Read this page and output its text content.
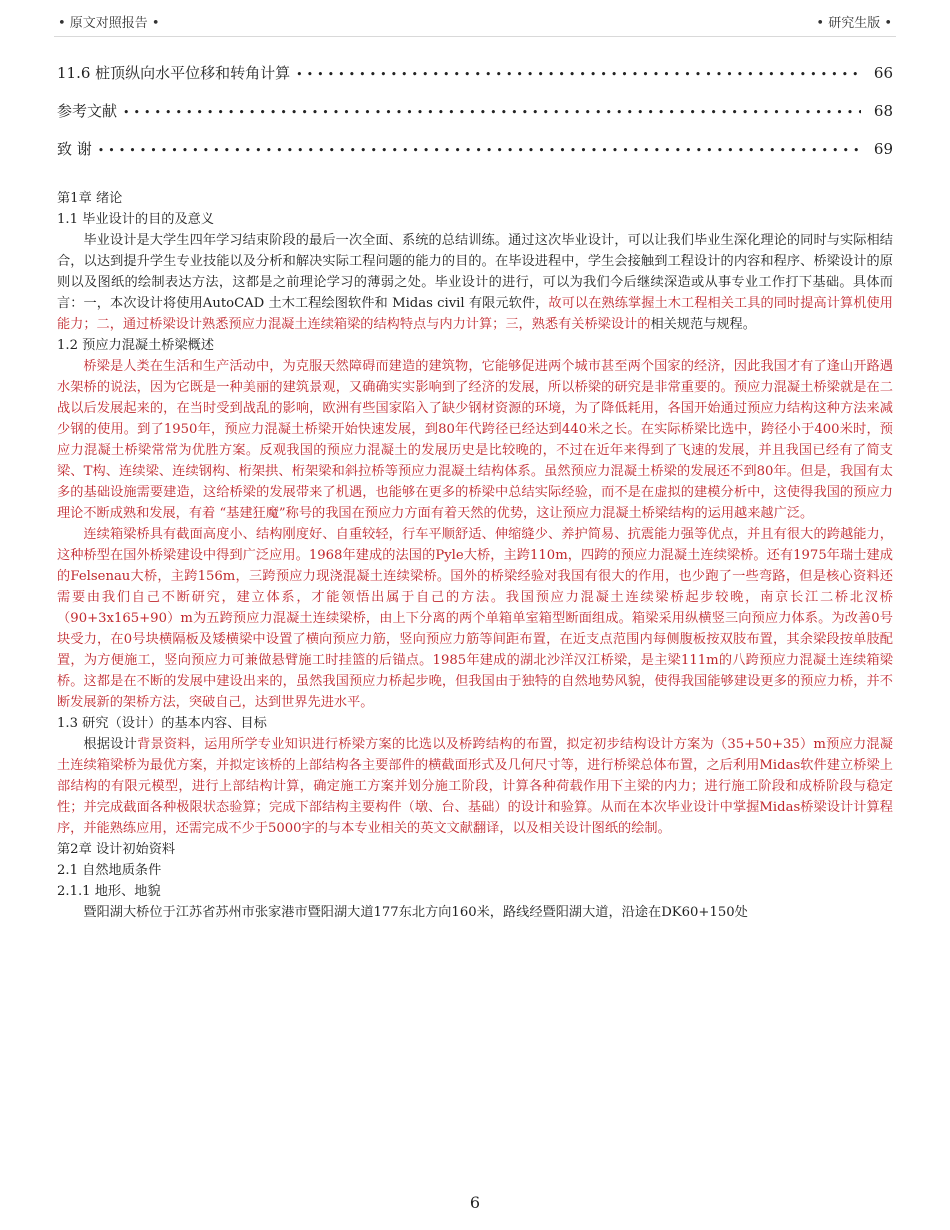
• 原文对照报告 •	• 研究生版 •
11.6 桩顶纵向水平位移和转角计算 •••••	66
参考文献 •••••	68
致 谢 •••••	69

第1章 绪论

1.1 毕业设计的目的及意义

毕业设计是大学生四年学习结束阶段的最后一次全面、系统的总结训练。通过这次毕业设计，可以让我们毕业生深化理论的同时与实际相结合，以达到提升学生专业技能以及分析和解决实际工程问题的能力的目的。在毕设进程中，学生会接触到工程设计的内容和程序、桥梁设计的原则以及图纸的绘制表达方法，这都是之前理论学习的薄弱之处。毕业设计的进行，可以为我们今后继续深造或从事专业工作打下基础。具体而言：一，本次设计将使用AutoCAD 土木工程绘图软件和 Midas civil 有限元软件，故可以在熟练掌握土木工程相关工具的同时提高计算机使用能力；二，通过桥梁设计熟悉预应力混凝土连续箱梁的结构特点与内力计算；三，熟悉有关桥梁设计的相关规范与规程。

1.2 预应力混凝土桥梁概述

桥梁是人类在生活和生产活动中，为克服天然障碍而建造的建筑物，它能够促进两个城市甚至两个国家的经济，因此我国才有了逢山开路遇水架桥的说法，因为它既是一种美丽的建筑景观，又确确实实影响到了经济的发展，所以桥梁的研究是非常重要的。预应力混凝土桥梁就是在二战以后发展起来的，在当时受到战乱的影响，欧洲有些国家陷入了缺少钢材资源的环境，为了降低耗用，各国开始通过预应力结构这种方法来减少钢的使用。到了1950年，预应力混凝土桥梁开始快速发展，到80年代跨径已经达到440米之长。在实际桥梁比选中，跨径小于400米时，预应力混凝土桥梁常常为优胜方案。反观我国的预应力混凝土的发展历史是比较晚的，不过在近年来得到了飞速的发展，并且我国已经有了简支梁、T构、连续梁、连续钢构、桁架拱、桁架梁和斜拉桥等预应力混凝土结构体系。虽然预应力混凝土桥梁的发展还不到80年。但是，我国有太多的基础设施需要建造，这给桥梁的发展带来了机遇，也能够在更多的桥梁中总结实际经验，而不是在虚拟的建模分析中，这使得我国的预应力理论不断成熟和发展，有着 “基建狂魔”称号的我国在预应力方面有着天然的优势，这让预应力混凝土桥梁结构的运用越来越广泛。

连续箱梁桥具有截面高度小、结构刚度好、自重较轻，行车平顺舒适、伸缩缝少、养护简易、抗震能力强等优点，并且有很大的跨越能力，这种桥型在国外桥梁建设中得到广泛应用。1968年建成的法国的Pyle大桥，主跨110m，四跨的预应力混凝土连续梁桥。还有1975年瑞士建成的Felsenau大桥，主跨156m，三跨预应力现浇混凝土连续梁桥。国外的桥梁经验对我国有很大的作用，也少跑了一些弯路，但是核心资料还需要由我们自己不断研究，建立体系，才能领悟出属于自己的方法。我国预应力混凝土连续梁桥起步较晚，南京长江二桥北汊桥（90+3x165+90）m为五跨预应力混凝土连续梁桥，由上下分离的两个单箱单室箱型断面组成。箱梁采用纵横竖三向预应力体系。为改善0号块受力，在0号块横隔板及矮横梁中设置了横向预应力筋，竖向预应力筋等间距布置，在近支点范围内每侧腹板按双肢布置，其余梁段按单肢配置，为方便施工，竖向预应力可兼做悬臂施工时挂篮的后锚点。1985年建成的湖北沙洋汉江桥梁，是主梁111m的八跨预应力混凝土连续箱梁桥。这都是在不断的发展中建设出来的，虽然我国预应力桥起步晚，但我国由于独特的自然地势风貌，使得我国能够建设更多的预应力桥，并不断发展新的架桥方法，突破自己，达到世界先进水平。

1.3 研究（设计）的基本内容、目标

根据设计背景资料，运用所学专业知识进行桥梁方案的比选以及桥跨结构的布置，拟定初步结构设计方案为（35+50+35）m预应力混凝土连续箱梁桥为最优方案，并拟定该桥的上部结构各主要部件的横截面形式及几何尺寸等，进行桥梁总体布置，之后利用Midas软件建立桥梁上部结构的有限元模型，进行上部结构计算，确定施工方案并划分施工阶段，计算各种荷载作用下主梁的内力；进行施工阶段和成桥阶段与稳定性；并完成截面各种极限状态验算；完成下部结构主要构件（墩、台、基础）的设计和验算。从而在本次毕业设计中掌握Midas桥梁设计计算程序，并能熟练应用，还需完成不少于5000字的与本专业相关的英文文献翻译，以及相关设计图纸的绘制。

第2章 设计初始资料

2.1 自然地质条件

2.1.1 地形、地貌

暨阳湖大桥位于江苏省苏州市张家港市暨阳湖大道177东北方向160米，路线经暨阳湖大道，沿途在DK60+150处

6
